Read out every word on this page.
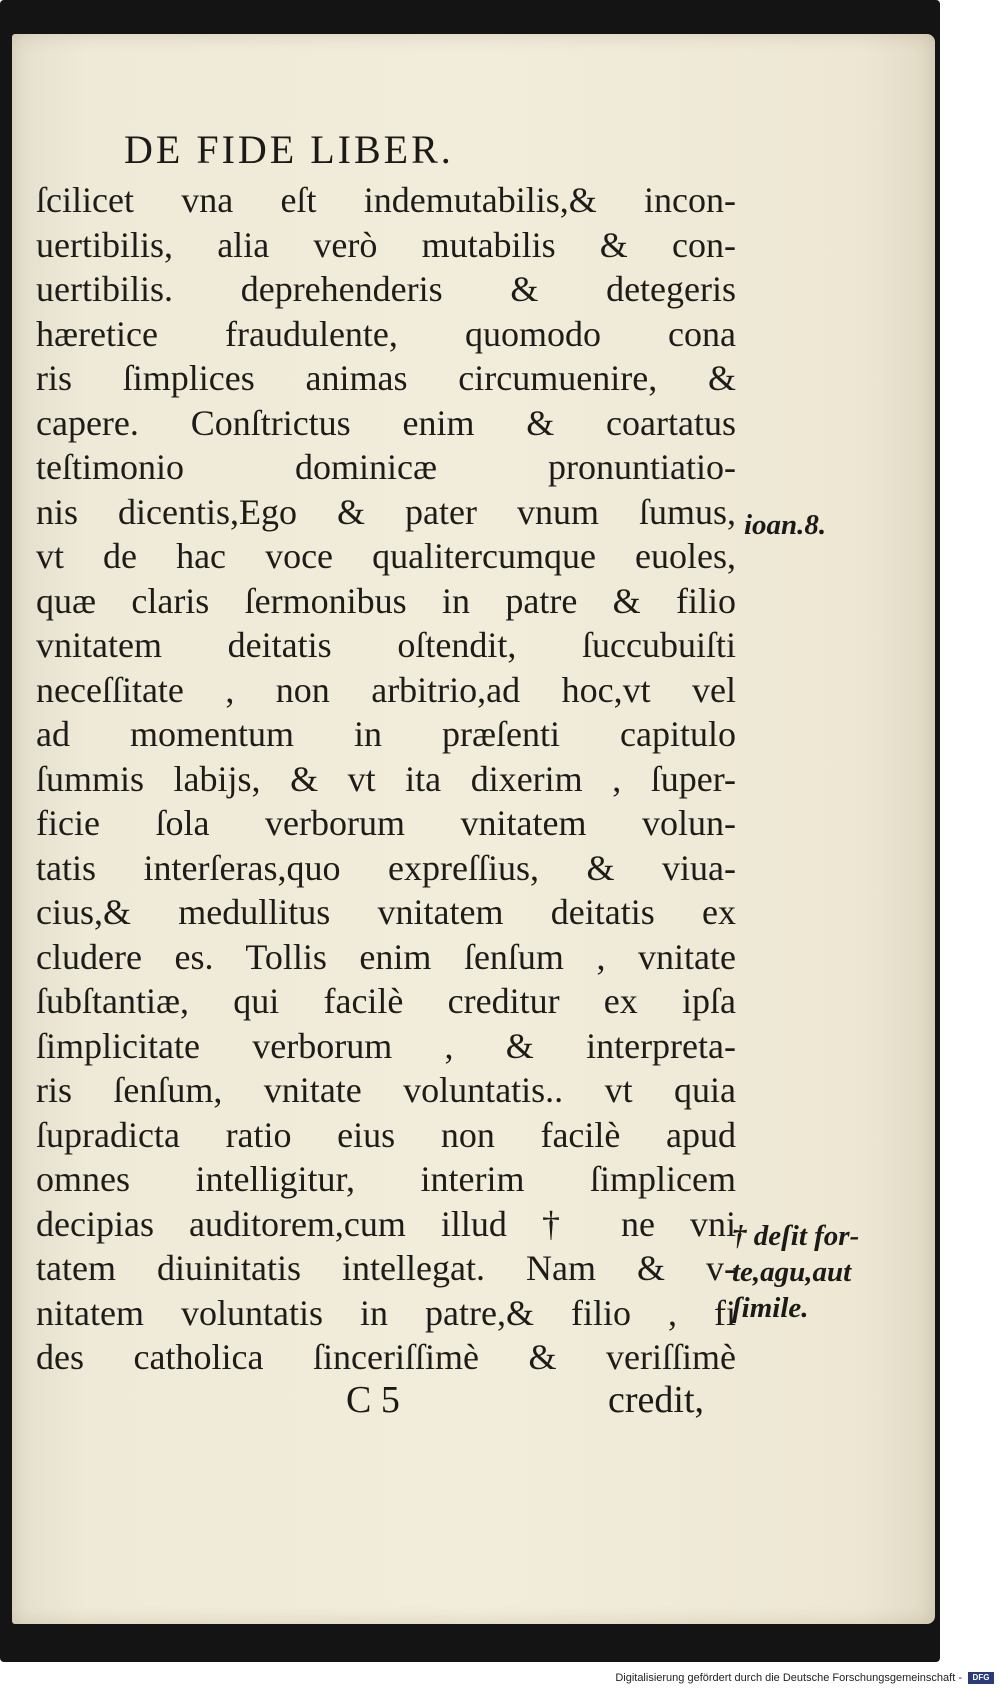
DE FIDE LIBER.
ſcilicet vna eſt indemutabilis,& incon-
uertibilis, alia verò mutabilis & con-
uertibilis. deprehenderis & detegeris
hæretice fraudulente, quomodo cona
ris ſimplices animas circumuenire, &
capere. Conſtrictus enim & coartatus
teſtimonio dominicæ pronuntiatio-
nis dicentis,Ego & pater vnum ſumus,
vt de hac voce qualitercumque euoles,
quæ claris ſermonibus in patre & filio
vnitatem deitatis oſtendit, ſuccubuiſti
neceſſitate , non arbitrio,ad hoc,vt vel
ad momentum in præſenti capitulo
ſummis labijs, & vt ita dixerim , ſuper-
ficie ſola verborum vnitatem volun-
tatis interſeras,quo expreſſius, & viua-
cius,& medullitus vnitatem deitatis ex
cludere es. Tollis enim ſenſum , vnitate
ſubſtantiæ, qui facilè creditur ex ipſa
ſimplicitate verborum , & interpreta-
ris ſenſum, vnitate voluntatis.. vt quia
ſupradicta ratio eius non facilè apud
omnes intelligitur, interim ſimplicem
decipias auditorem,cum illud † ne vni
tatem diuinitatis intellegat. Nam & v-
nitatem voluntatis in patre,& filio , fi
des catholica ſinceriſſimè & veriſſimè
ioan.8.
† deſit for-
te,agu,aut
ſimile.
C 5	credit,
Digitalisierung gefördert durch die Deutsche Forschungsgemeinschaft - DFG
